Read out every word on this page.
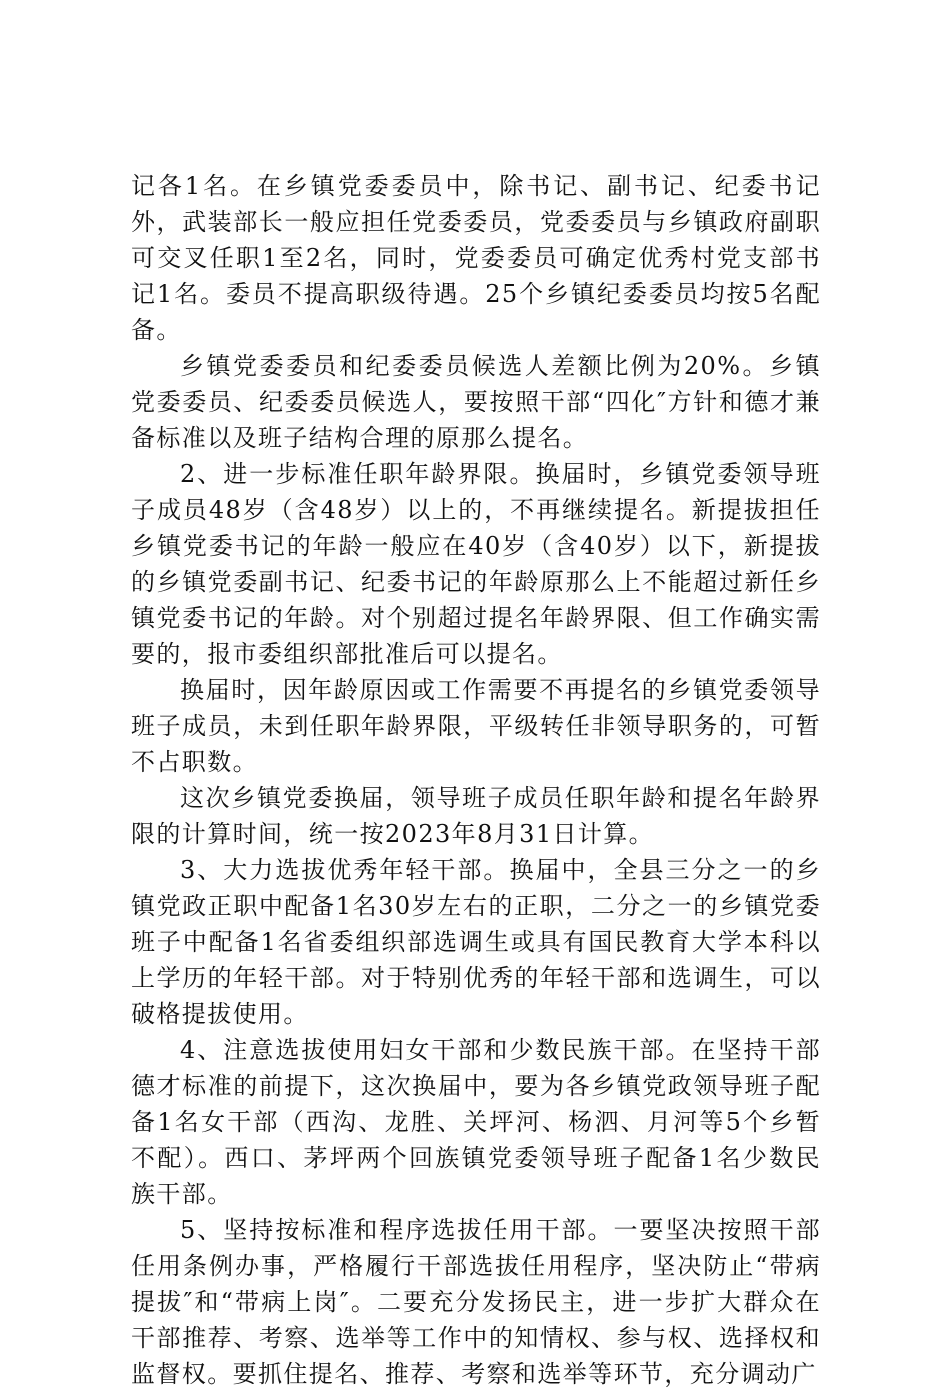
记各1名。在乡镇党委委员中，除书记、副书记、纪委书记外，武装部长一般应担任党委委员，党委委员与乡镇政府副职可交叉任职1至2名，同时，党委委员可确定优秀村党支部书记1名。委员不提高职级待遇。25个乡镇纪委委员均按5名配备。

乡镇党委委员和纪委委员候选人差额比例为20%。乡镇党委委员、纪委委员候选人，要按照干部“四化″方针和德才兼备标准以及班子结构合理的原那么提名。

2、进一步标准任职年龄界限。换届时，乡镇党委领导班子成员48岁（含48岁）以上的，不再继续提名。新提拔担任乡镇党委书记的年龄一般应在40岁（含40岁）以下，新提拔的乡镇党委副书记、纪委书记的年龄原那么上不能超过新任乡镇党委书记的年龄。对个别超过提名年龄界限、但工作确实需要的，报市委组织部批准后可以提名。

换届时，因年龄原因或工作需要不再提名的乡镇党委领导班子成员，未到任职年龄界限，平级转任非领导职务的，可暂不占职数。

这次乡镇党委换届，领导班子成员任职年龄和提名年龄界限的计算时间，统一按2023年8月31日计算。

3、大力选拔优秀年轻干部。换届中，全县三分之一的乡镇党政正职中配备1名30岁左右的正职，二分之一的乡镇党委班子中配备1名省委组织部选调生或具有国民教育大学本科以上学历的年轻干部。对于特别优秀的年轻干部和选调生，可以破格提拔使用。

4、注意选拔使用妇女干部和少数民族干部。在坚持干部德才标准的前提下，这次换届中，要为各乡镇党政领导班子配备1名女干部（西沟、龙胜、关坪河、杨泗、月河等5个乡暂不配）。西口、茅坪两个回族镇党委领导班子配备1名少数民族干部。

5、坚持按标准和程序选拔任用干部。一要坚决按照干部任用条例办事，严格履行干部选拔任用程序，坚决防止“带病提拔″和“带病上岗″。二要充分发扬民主，进一步扩大群众在干部推荐、考察、选举等工作中的知情权、参与权、选择权和监督权。要抓住提名、推荐、考察和选举等环节，充分调动广
